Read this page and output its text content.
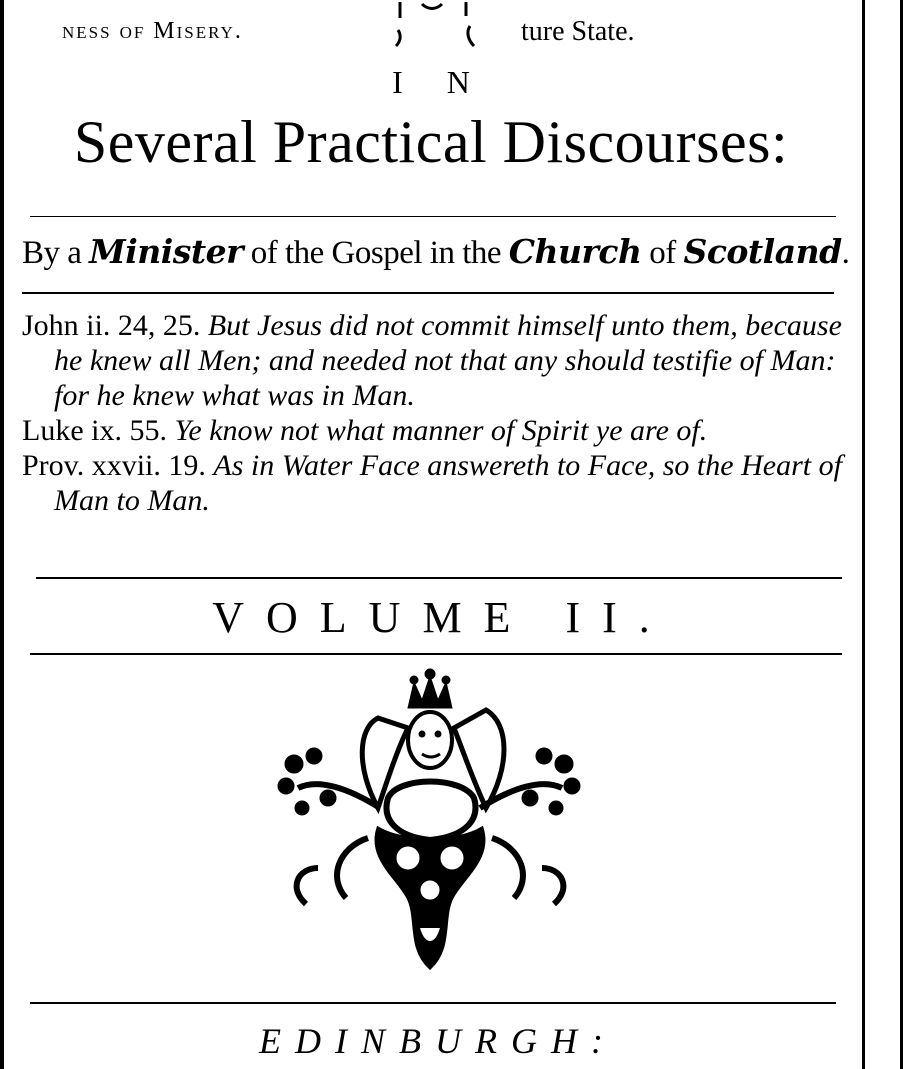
ness of Misery.	ture State.
I N
Several Practical Discourses:
By a Minister of the Gospel in the Church of Scotland.

John ii. 24, 25. But Jesus did not commit himself unto them, because he knew all Men; and needed not that any should testifie of Man: for he knew what was in Man.

Luke ix. 55. Ye know not what manner of Spirit ye are of.

Prov. xxvii. 19. As in Water Face answereth to Face, so the Heart of Man to Man.

VOLUME II.
EDINBURGH:
